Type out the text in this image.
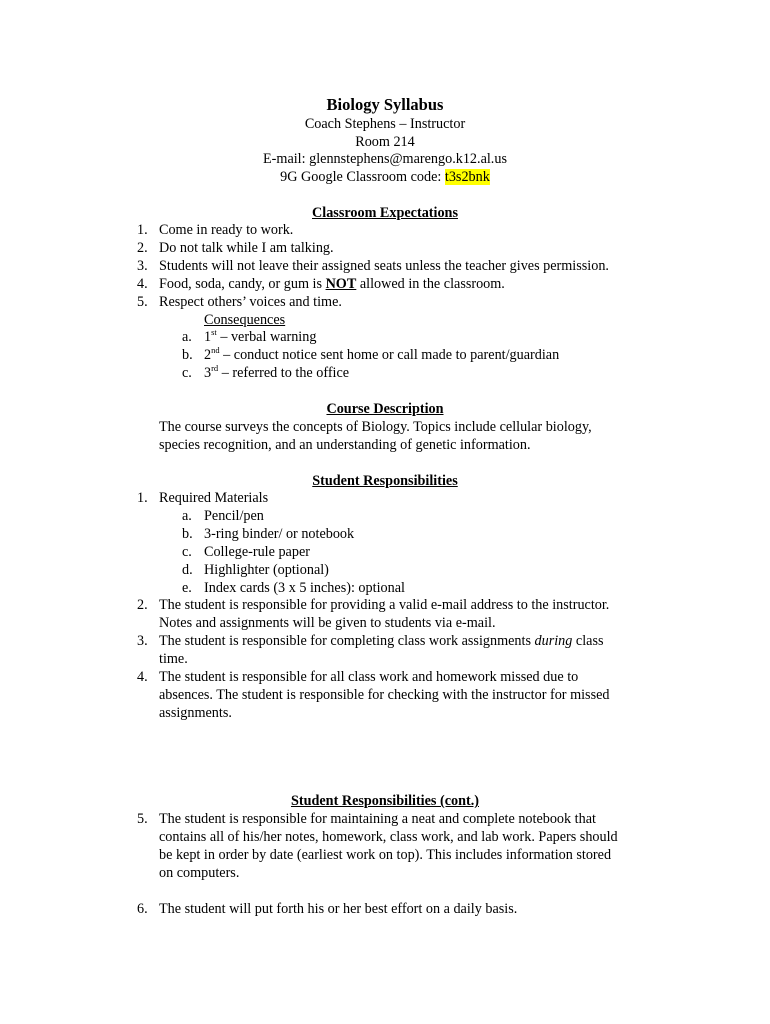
Biology Syllabus
Coach Stephens – Instructor
Room 214
E-mail: glennstephens@marengo.k12.al.us
9G Google Classroom code: t3s2bnk
Classroom Expectations
1. Come in ready to work.
2. Do not talk while I am talking.
3. Students will not leave their assigned seats unless the teacher gives permission.
4. Food, soda, candy, or gum is NOT allowed in the classroom.
5. Respect others’ voices and time.
Consequences
a. 1st – verbal warning
b. 2nd – conduct notice sent home or call made to parent/guardian
c. 3rd – referred to the office
Course Description
The course surveys the concepts of Biology. Topics include cellular biology,
species recognition, and an understanding of genetic information.
Student Responsibilities
1. Required Materials
a. Pencil/pen
b. 3-ring binder/ or notebook
c. College-rule paper
d. Highlighter (optional)
e. Index cards (3 x 5 inches): optional
2. The student is responsible for providing a valid e-mail address to the instructor.
Notes and assignments will be given to students via e-mail.
3. The student is responsible for completing class work assignments during class
time.
4. The student is responsible for all class work and homework missed due to
absences. The student is responsible for checking with the instructor for missed
assignments.
Student Responsibilities (cont.)
5. The student is responsible for maintaining a neat and complete notebook that
contains all of his/her notes, homework, class work, and lab work. Papers should
be kept in order by date (earliest work on top). This includes information stored
on computers.
6. The student will put forth his or her best effort on a daily basis.
